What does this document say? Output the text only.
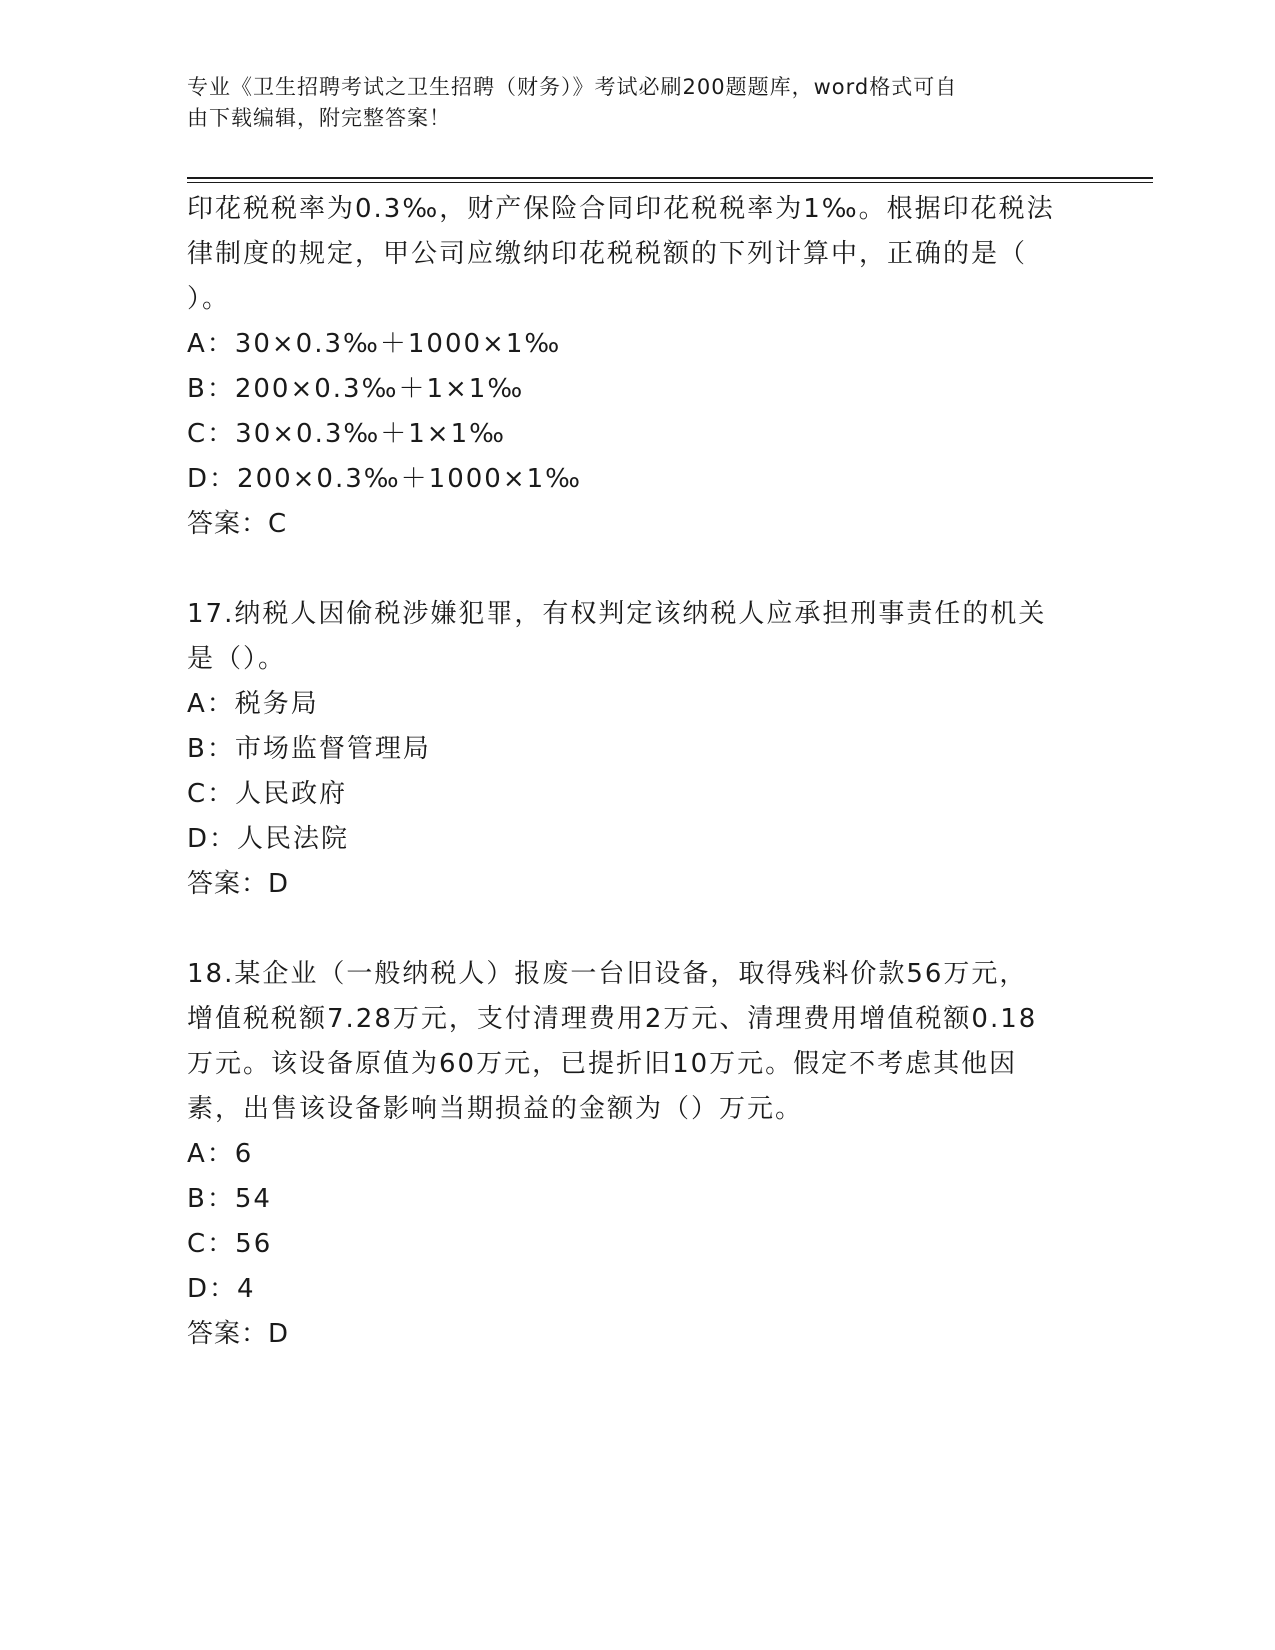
专业《卫生招聘考试之卫生招聘（财务）》考试必刷200题题库，word格式可自
由下载编辑，附完整答案！
印花税税率为0.3‰，财产保险合同印花税税率为1‰。根据印花税法
律制度的规定，甲公司应缴纳印花税税额的下列计算中，正确的是（
）。
A：30×0.3‰＋1000×1‰
B：200×0.3‰＋1×1‰
C：30×0.3‰＋1×1‰
D：200×0.3‰＋1000×1‰
答案：C
17.纳税人因偷税涉嫌犯罪，有权判定该纳税人应承担刑事责任的机关
是（）。
A：税务局
B：市场监督管理局
C：人民政府
D：人民法院
答案：D
18.某企业（一般纳税人）报废一台旧设备，取得残料价款56万元，
增值税税额7.28万元，支付清理费用2万元、清理费用增值税额0.18
万元。该设备原值为60万元，已提折旧10万元。假定不考虑其他因
素，出售该设备影响当期损益的金额为（）万元。
A：6
B：54
C：56
D：4
答案：D
